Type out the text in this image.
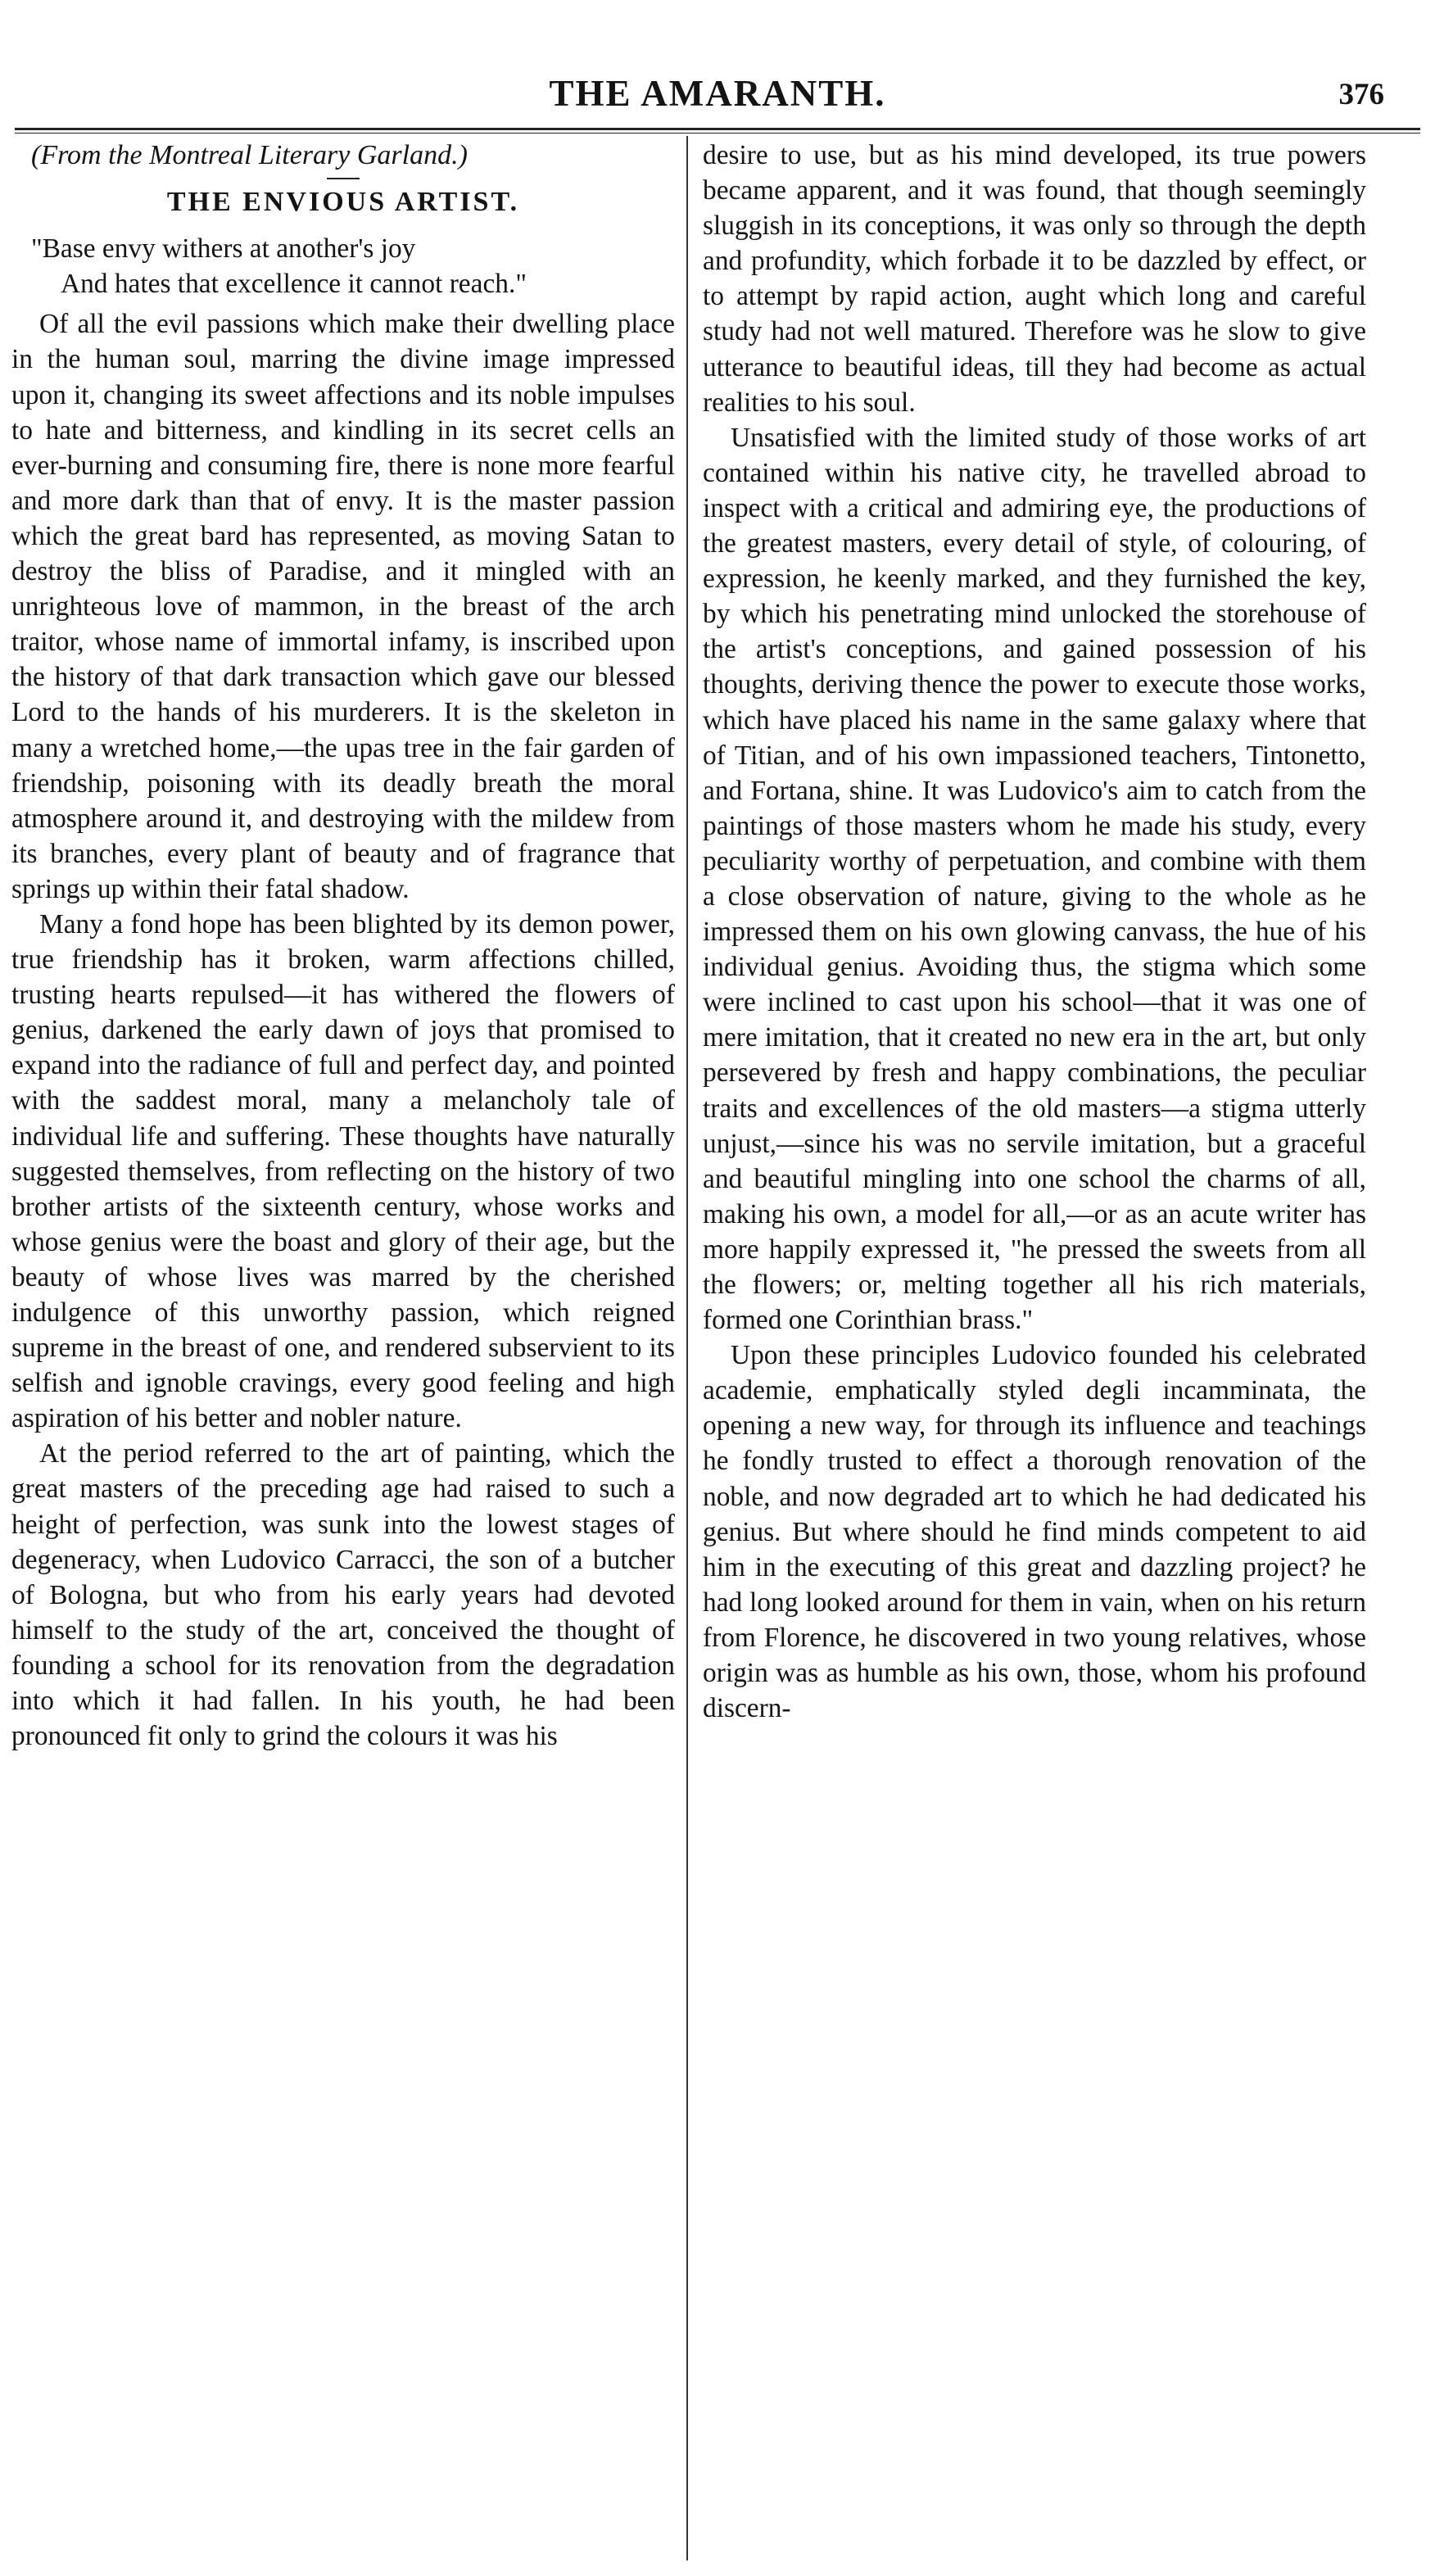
THE AMARANTH.	376
(From the Montreal Literary Garland.)
THE ENVIOUS ARTIST.
"Base envy withers at another's joy
And hates that excellence it cannot reach."

Of all the evil passions which make their dwelling place in the human soul, marring the divine image impressed upon it, changing its sweet affections and its noble impulses to hate and bitterness, and kindling in its secret cells an ever-burning and consuming fire, there is none more fearful and more dark than that of envy. It is the master passion which the great bard has represented, as moving Satan to destroy the bliss of Paradise, and it mingled with an unrighteous love of mammon, in the breast of the arch traitor, whose name of immortal infamy, is inscribed upon the history of that dark transaction which gave our blessed Lord to the hands of his murderers. It is the skeleton in many a wretched home,—the upas tree in the fair garden of friendship, poisoning with its deadly breath the moral atmosphere around it, and destroying with the mildew from its branches, every plant of beauty and of fragrance that springs up within their fatal shadow.

Many a fond hope has been blighted by its demon power, true friendship has it broken, warm affections chilled, trusting hearts repulsed—it has withered the flowers of genius, darkened the early dawn of joys that promised to expand into the radiance of full and perfect day, and pointed with the saddest moral, many a melancholy tale of individual life and suffering. These thoughts have naturally suggested themselves, from reflecting on the history of two brother artists of the sixteenth century, whose works and whose genius were the boast and glory of their age, but the beauty of whose lives was marred by the cherished indulgence of this unworthy passion, which reigned supreme in the breast of one, and rendered subservient to its selfish and ignoble cravings, every good feeling and high aspiration of his better and nobler nature.

At the period referred to the art of painting, which the great masters of the preceding age had raised to such a height of perfection, was sunk into the lowest stages of degeneracy, when Ludovico Carracci, the son of a butcher of Bologna, but who from his early years had devoted himself to the study of the art, conceived the thought of founding a school for its renovation from the degradation into which it had fallen. In his youth, he had been pronounced fit only to grind the colours it was his

desire to use, but as his mind developed, its true powers became apparent, and it was found, that though seemingly sluggish in its conceptions, it was only so through the depth and profundity, which forbade it to be dazzled by effect, or to attempt by rapid action, aught which long and careful study had not well matured. Therefore was he slow to give utterance to beautiful ideas, till they had become as actual realities to his soul.

Unsatisfied with the limited study of those works of art contained within his native city, he travelled abroad to inspect with a critical and admiring eye, the productions of the greatest masters, every detail of style, of colouring, of expression, he keenly marked, and they furnished the key, by which his penetrating mind unlocked the storehouse of the artist's conceptions, and gained possession of his thoughts, deriving thence the power to execute those works, which have placed his name in the same galaxy where that of Titian, and of his own impassioned teachers, Tintonetto, and Fortana, shine. It was Ludovico's aim to catch from the paintings of those masters whom he made his study, every peculiarity worthy of perpetuation, and combine with them a close observation of nature, giving to the whole as he impressed them on his own glowing canvass, the hue of his individual genius. Avoiding thus, the stigma which some were inclined to cast upon his school—that it was one of mere imitation, that it created no new era in the art, but only persevered by fresh and happy combinations, the peculiar traits and excellences of the old masters—a stigma utterly unjust,—since his was no servile imitation, but a graceful and beautiful mingling into one school the charms of all, making his own, a model for all,—or as an acute writer has more happily expressed it, "he pressed the sweets from all the flowers; or, melting together all his rich materials, formed one Corinthian brass."

Upon these principles Ludovico founded his celebrated academie, emphatically styled degli incamminata, the opening a new way, for through its influence and teachings he fondly trusted to effect a thorough renovation of the noble, and now degraded art to which he had dedicated his genius. But where should he find minds competent to aid him in the executing of this great and dazzling project? he had long looked around for them in vain, when on his return from Florence, he discovered in two young relatives, whose origin was as humble as his own, those, whom his profound discern-
